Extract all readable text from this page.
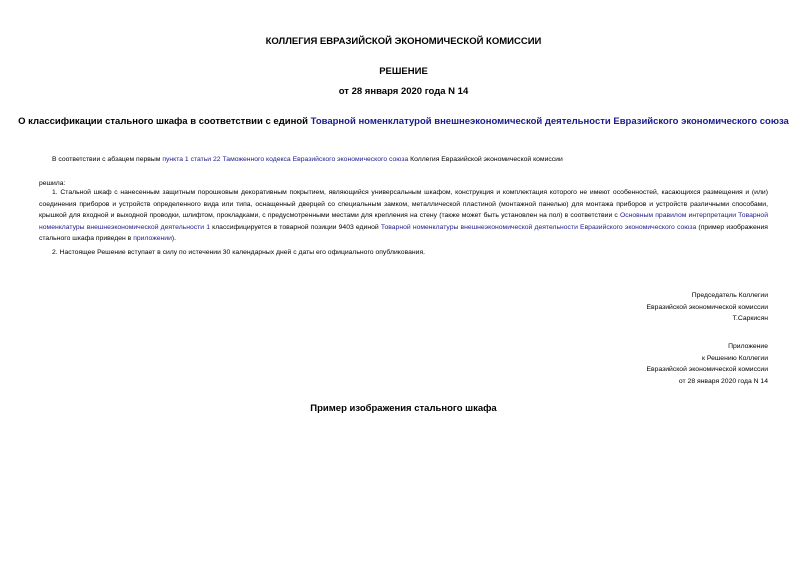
КОЛЛЕГИЯ ЕВРАЗИЙСКОЙ ЭКОНОМИЧЕСКОЙ КОМИССИИ
РЕШЕНИЕ
от 28 января 2020 года N 14
О классификации стального шкафа в соответствии с единой Товарной номенклатурой внешнеэкономической деятельности Евразийского экономического союза
В соответствии с абзацем первым пункта 1 статьи 22 Таможенного кодекса Евразийского экономического союза Коллегия Евразийской экономической комиссии
решила:
1. Стальной шкаф с нанесенным защитным порошковым декоративным покрытием, являющийся универсальным шкафом, конструкция и комплектация которого не имеют особенностей, касающихся размещения и (или) соединения приборов и устройств определенного вида или типа, оснащенный дверцей со специальным замком, металлической пластиной (монтажной панелью) для монтажа приборов и устройств различными способами, крышкой для входной и выходной проводки, шлифтом, прокладками, с предусмотренными местами для крепления на стену (также может быть установлен на пол) в соответствии с Основным правилом интерпретации Товарной номенклатуры внешнеэкономической деятельности 1 классифицируется в товарной позиции 9403 единой Товарной номенклатуры внешнеэкономической деятельности Евразийского экономического союза (пример изображения стального шкафа приведен в приложении).
2. Настоящее Решение вступает в силу по истечении 30 календарных дней с даты его официального опубликования.
Председатель Коллегии
Евразийской экономической комиссии
Т.Саркисян
Приложение
к Решению Коллегии
Евразийской экономической комиссии
от 28 января 2020 года N 14
Пример изображения стального шкафа
